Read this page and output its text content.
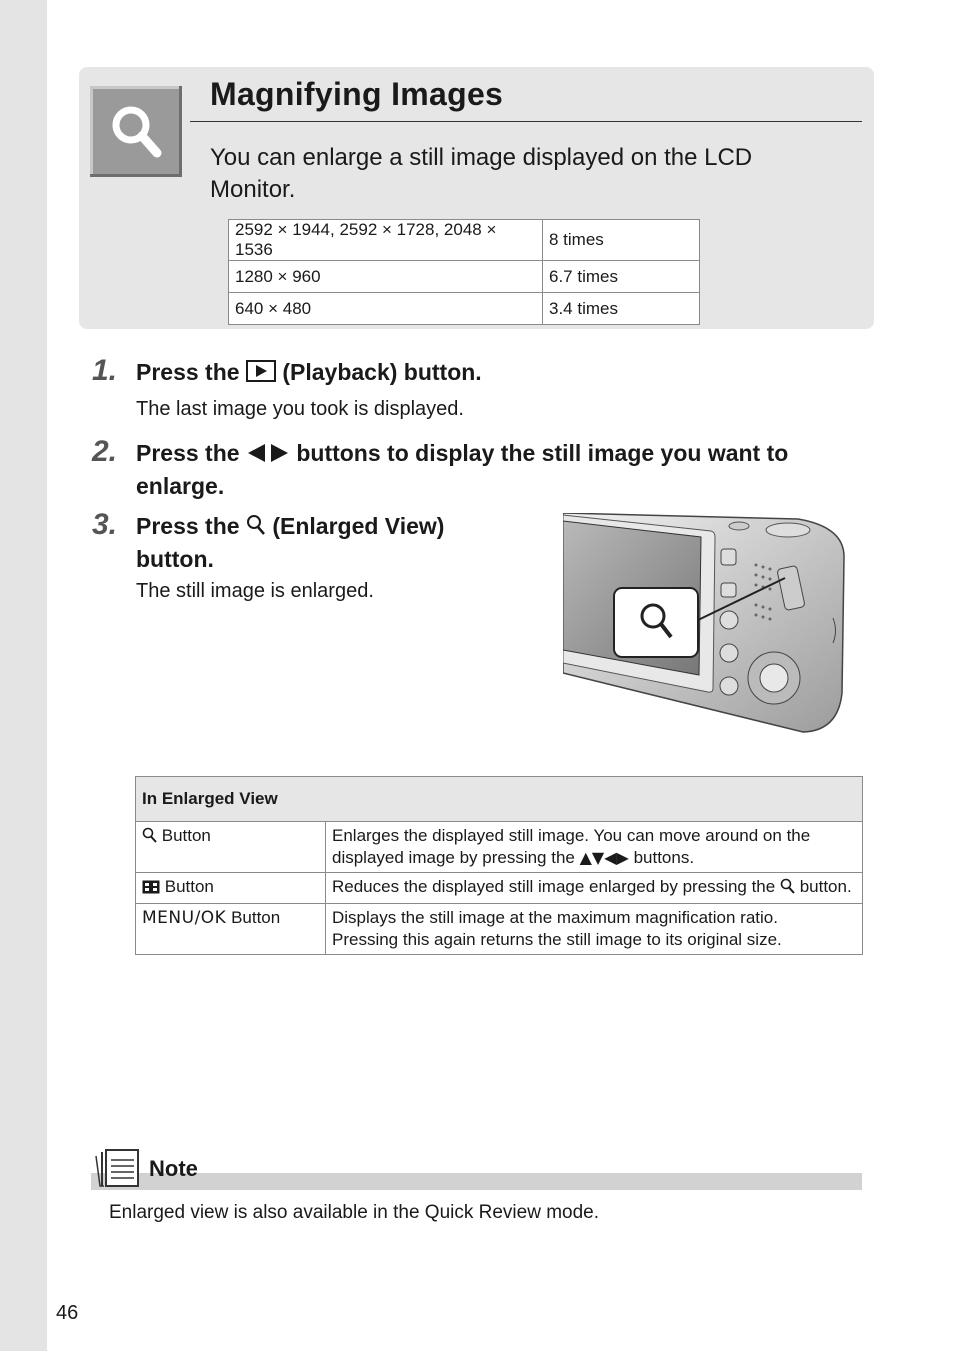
Magnifying Images
You can enlarge a still image displayed on the LCD Monitor.
2592 × 1944, 2592 × 1728, 2048 × 1536	8 times
1280 × 960	6.7 times
640 × 480	3.4 times
1. Press the (Playback) button.
The last image you took is displayed.
2. Press the buttons to display the still image you want to enlarge.
3. Press the (Enlarged View) button.
The still image is enlarged.
In Enlarged View	
Button	Enlarges the displayed still image. You can move around on the displayed image by pressing the ▲▼◀▶ buttons.
Button	Reduces the displayed still image enlarged by pressing the button.
MENU/OK Button	Displays the still image at the maximum magnification ratio.
Pressing this again returns the still image to its original size.
Note
Enlarged view is also available in the Quick Review mode.
46
